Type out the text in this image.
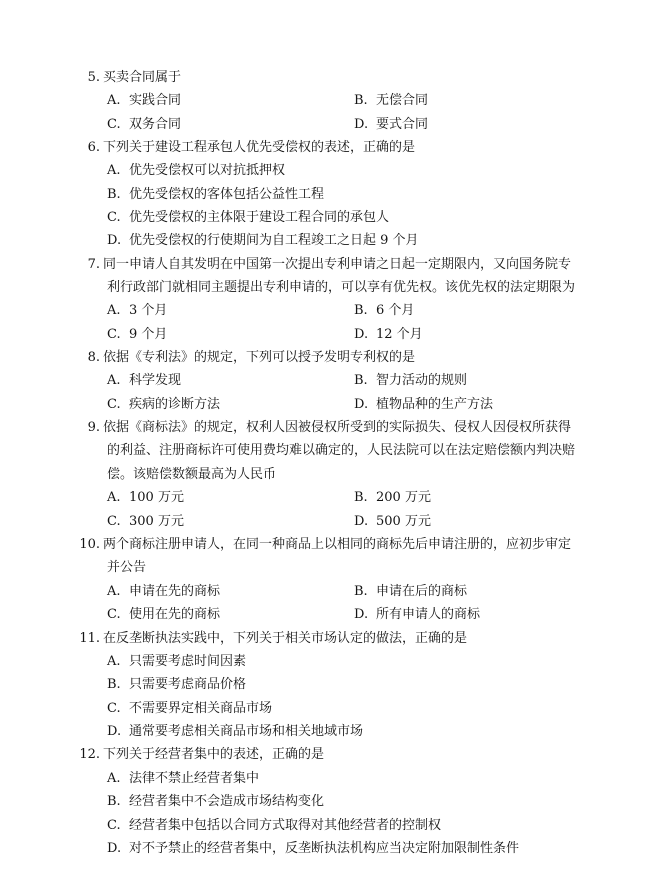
5. 买卖合同属于
A. 实践合同	B. 无偿合同
C. 双务合同	D. 要式合同
6. 下列关于建设工程承包人优先受偿权的表述，正确的是
A. 优先受偿权可以对抗抵押权
B. 优先受偿权的客体包括公益性工程
C. 优先受偿权的主体限于建设工程合同的承包人
D. 优先受偿权的行使期间为自工程竣工之日起 9 个月
7. 同一申请人自其发明在中国第一次提出专利申请之日起一定期限内，又向国务院专
利行政部门就相同主题提出专利申请的，可以享有优先权。该优先权的法定期限为
A. 3 个月	B. 6 个月
C. 9 个月	D. 12 个月
8. 依据《专利法》的规定，下列可以授予发明专利权的是
A. 科学发现	B. 智力活动的规则
C. 疾病的诊断方法	D. 植物品种的生产方法
9. 依据《商标法》的规定，权利人因被侵权所受到的实际损失、侵权人因侵权所获得
的利益、注册商标许可使用费均难以确定的，人民法院可以在法定赔偿额内判决赔
偿。该赔偿数额最高为人民币
A. 100 万元	B. 200 万元
C. 300 万元	D. 500 万元
10. 两个商标注册申请人，在同一种商品上以相同的商标先后申请注册的，应初步审定
并公告
A. 申请在先的商标	B. 申请在后的商标
C. 使用在先的商标	D. 所有申请人的商标
11. 在反垄断执法实践中，下列关于相关市场认定的做法，正确的是
A. 只需要考虑时间因素
B. 只需要考虑商品价格
C. 不需要界定相关商品市场
D. 通常要考虑相关商品市场和相关地域市场
12. 下列关于经营者集中的表述，正确的是
A. 法律不禁止经营者集中
B. 经营者集中不会造成市场结构变化
C. 经营者集中包括以合同方式取得对其他经营者的控制权
D. 对不予禁止的经营者集中，反垄断执法机构应当决定附加限制性条件
